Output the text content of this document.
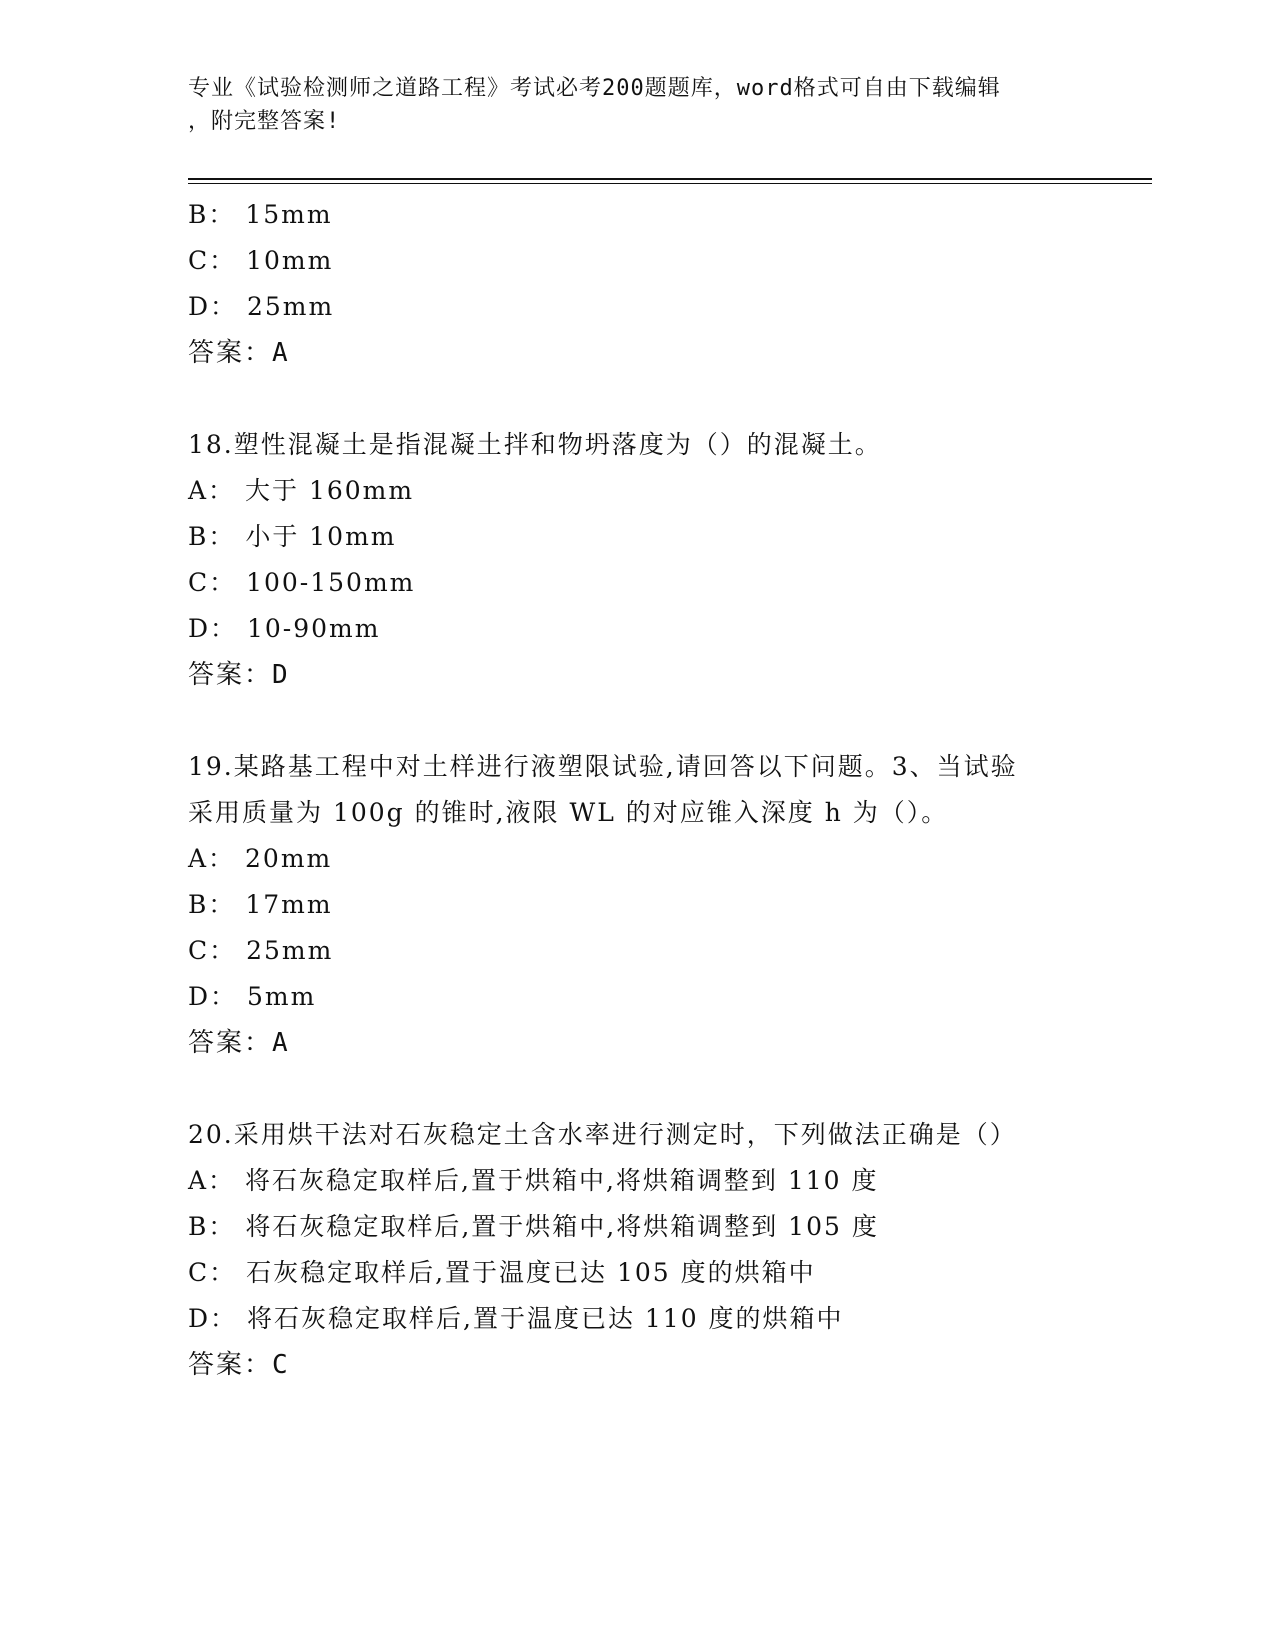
专业《试验检测师之道路工程》考试必考200题题库，word格式可自由下载编辑
，附完整答案!
B： 15mm
C： 10mm
D： 25mm
答案：A
18.塑性混凝土是指混凝土拌和物坍落度为（）的混凝土。
A： 大于 160mm
B： 小于 10mm
C： 100-150mm
D： 10-90mm
答案：D
19.某路基工程中对土样进行液塑限试验,请回答以下问题。3、当试验
采用质量为 100g 的锥时,液限 WL 的对应锥入深度 h 为（）。
A： 20mm
B： 17mm
C： 25mm
D： 5mm
答案：A
20.采用烘干法对石灰稳定土含水率进行测定时，下列做法正确是（）
A： 将石灰稳定取样后,置于烘箱中,将烘箱调整到 110 度
B： 将石灰稳定取样后,置于烘箱中,将烘箱调整到 105 度
C： 石灰稳定取样后,置于温度已达 105 度的烘箱中
D： 将石灰稳定取样后,置于温度已达 110 度的烘箱中
答案：C
